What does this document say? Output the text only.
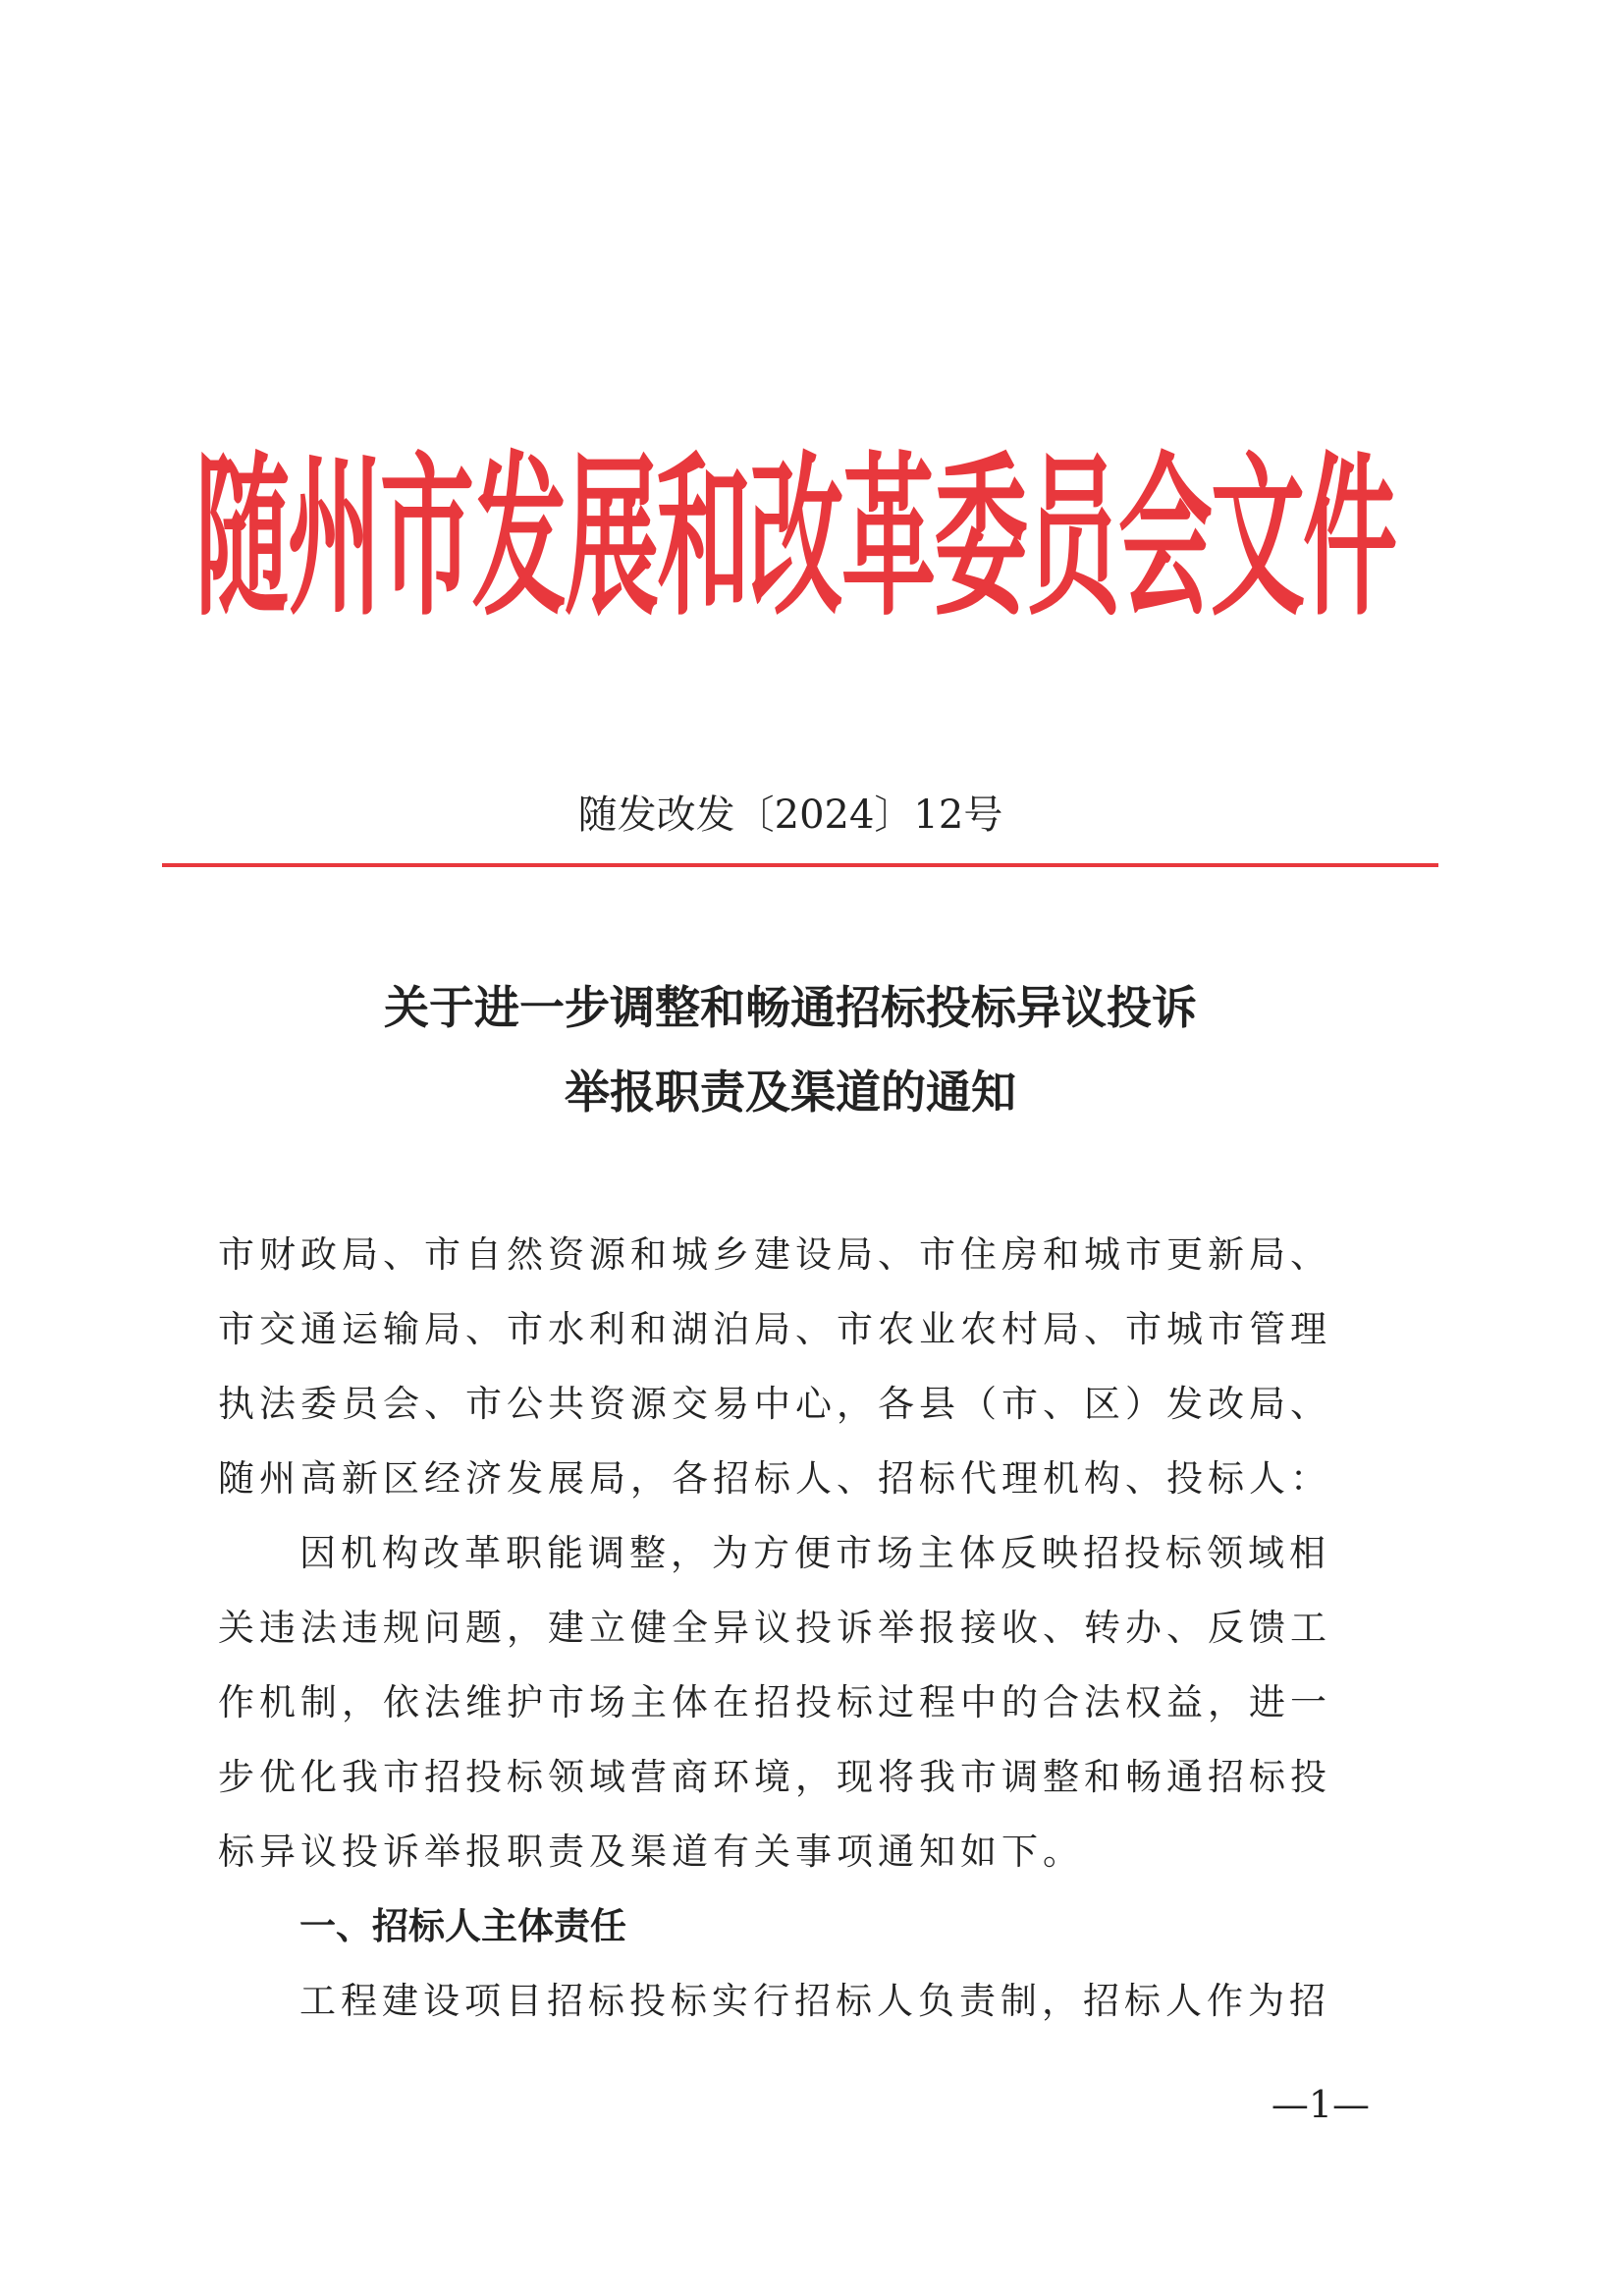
随州市发展和改革委员会文件
随发改发〔2024〕12号
关于进一步调整和畅通招标投标异议投诉
举报职责及渠道的通知
市财政局、市自然资源和城乡建设局、市住房和城市更新局、
市交通运输局、市水利和湖泊局、市农业农村局、市城市管理
执法委员会、市公共资源交易中心，各县（市、区）发改局、
随州高新区经济发展局，各招标人、招标代理机构、投标人：
因机构改革职能调整，为方便市场主体反映招投标领域相
关违法违规问题，建立健全异议投诉举报接收、转办、反馈工
作机制，依法维护市场主体在招投标过程中的合法权益，进一
步优化我市招投标领域营商环境，现将我市调整和畅通招标投
标异议投诉举报职责及渠道有关事项通知如下。
一、招标人主体责任
工程建设项目招标投标实行招标人负责制，招标人作为招
—1—
